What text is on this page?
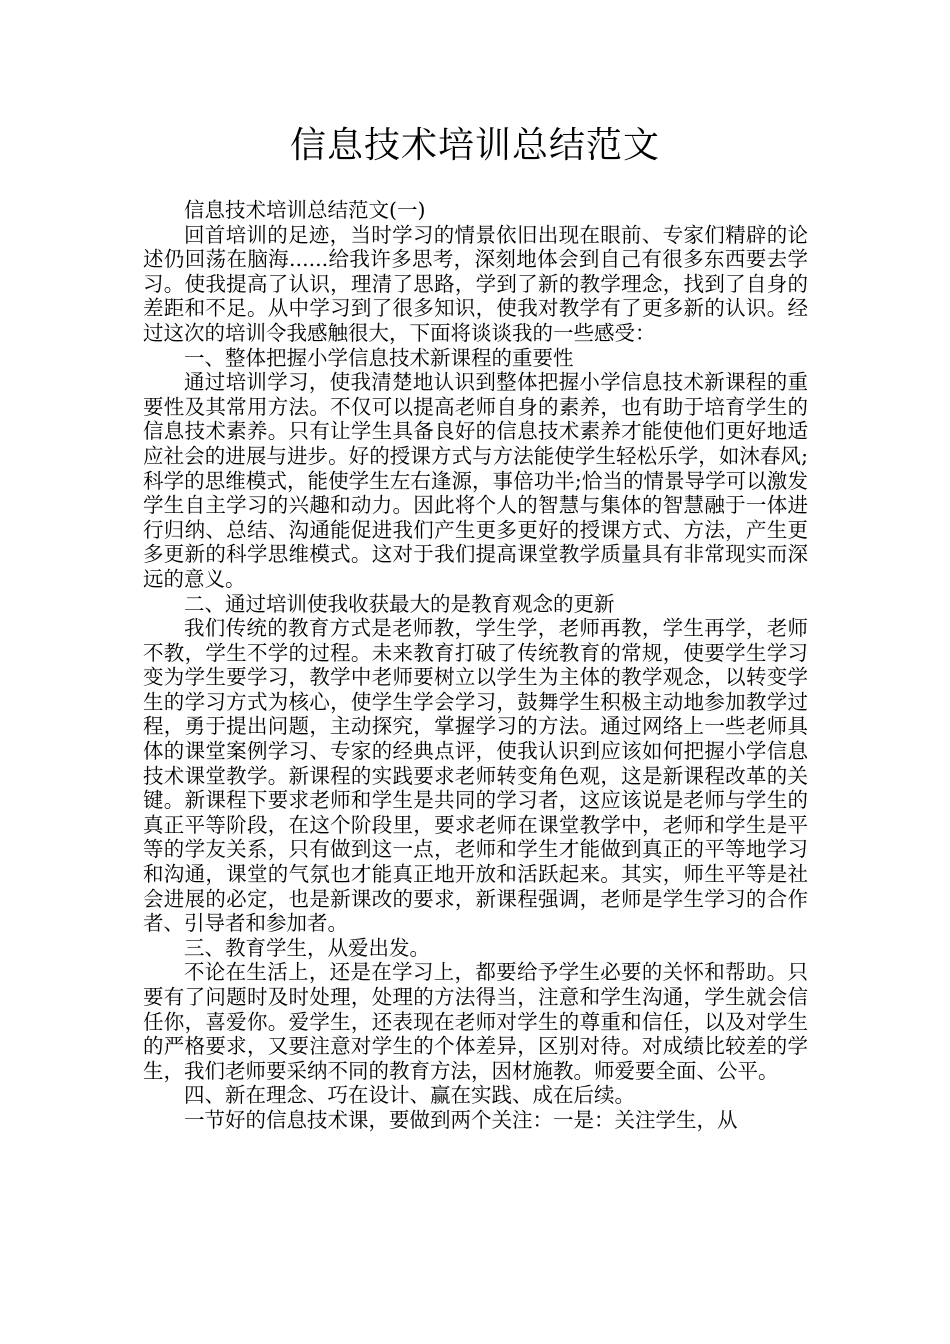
信息技术培训总结范文

信息技术培训总结范文(一)

回首培训的足迹，当时学习的情景依旧出现在眼前、专家们精辟的论述仍回荡在脑海......给我许多思考，深刻地体会到自己有很多东西要去学习。使我提高了认识，理清了思路，学到了新的教学理念，找到了自身的差距和不足。从中学习到了很多知识，使我对教学有了更多新的认识。经过这次的培训令我感触很大，下面将谈谈我的一些感受：

一、整体把握小学信息技术新课程的重要性

通过培训学习，使我清楚地认识到整体把握小学信息技术新课程的重要性及其常用方法。不仅可以提高老师自身的素养，也有助于培育学生的信息技术素养。只有让学生具备良好的信息技术素养才能使他们更好地适应社会的进展与进步。好的授课方式与方法能使学生轻松乐学，如沐春风;科学的思维模式，能使学生左右逢源，事倍功半;恰当的情景导学可以激发学生自主学习的兴趣和动力。因此将个人的智慧与集体的智慧融于一体进行归纳、总结、沟通能促进我们产生更多更好的授课方式、方法，产生更多更新的科学思维模式。这对于我们提高课堂教学质量具有非常现实而深远的意义。

二、通过培训使我收获最大的是教育观念的更新

我们传统的教育方式是老师教，学生学，老师再教，学生再学，老师不教，学生不学的过程。未来教育打破了传统教育的常规，使要学生学习变为学生要学习，教学中老师要树立以学生为主体的教学观念，以转变学生的学习方式为核心，使学生学会学习，鼓舞学生积极主动地参加教学过程，勇于提出问题，主动探究，掌握学习的方法。通过网络上一些老师具体的课堂案例学习、专家的经典点评，使我认识到应该如何把握小学信息技术课堂教学。新课程的实践要求老师转变角色观，这是新课程改革的关键。新课程下要求老师和学生是共同的学习者，这应该说是老师与学生的真正平等阶段，在这个阶段里，要求老师在课堂教学中，老师和学生是平等的学友关系，只有做到这一点，老师和学生才能做到真正的平等地学习和沟通，课堂的气氛也才能真正地开放和活跃起来。其实，师生平等是社会进展的必定，也是新课改的要求，新课程强调，老师是学生学习的合作者、引导者和参加者。

三、教育学生，从爱出发。

不论在生活上，还是在学习上，都要给予学生必要的关怀和帮助。只要有了问题时及时处理，处理的方法得当，注意和学生沟通，学生就会信任你，喜爱你。爱学生，还表现在老师对学生的尊重和信任，以及对学生的严格要求，又要注意对学生的个体差异，区别对待。对成绩比较差的学生，我们老师要采纳不同的教育方法，因材施教。师爱要全面、公平。

四、新在理念、巧在设计、赢在实践、成在后续。

一节好的信息技术课，要做到两个关注：一是：关注学生，从
